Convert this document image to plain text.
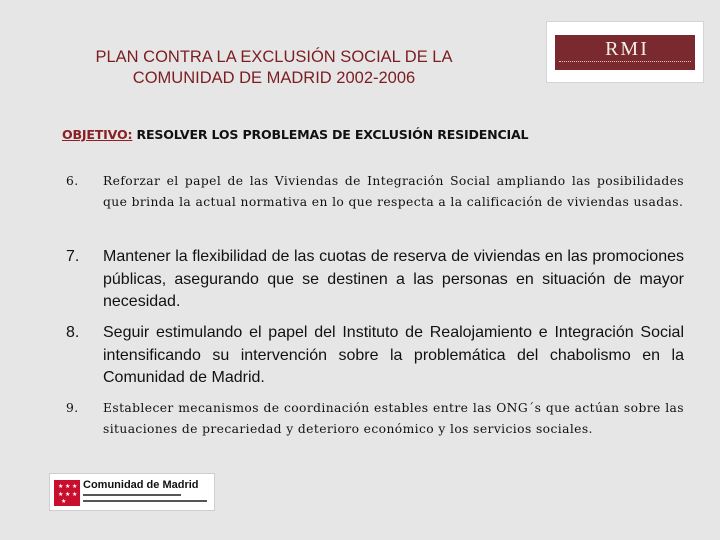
PLAN CONTRA LA EXCLUSIÓN SOCIAL DE LA
COMUNIDAD DE MADRID 2002-2006
RMI
OBJETIVO: RESOLVER LOS PROBLEMAS DE EXCLUSIÓN RESIDENCIAL
6. Reforzar el papel de las Viviendas de Integración Social ampliando las posibilidades que brinda la actual normativa en lo que respecta a la calificación de viviendas usadas.
7. Mantener la flexibilidad de las cuotas de reserva de viviendas en las promociones públicas, asegurando que se destinen a las personas en situación de mayor necesidad.
8. Seguir estimulando el papel del Instituto de Realojamiento e Integración Social intensificando su intervención sobre la problemática del chabolismo en la Comunidad de Madrid.
9. Establecer mecanismos de coordinación estables entre las ONG´s que actúan sobre las situaciones de precariedad y deterioro económico y los servicios sociales.
★ ★ ★
★ ★ ★
★
Comunidad de Madrid
